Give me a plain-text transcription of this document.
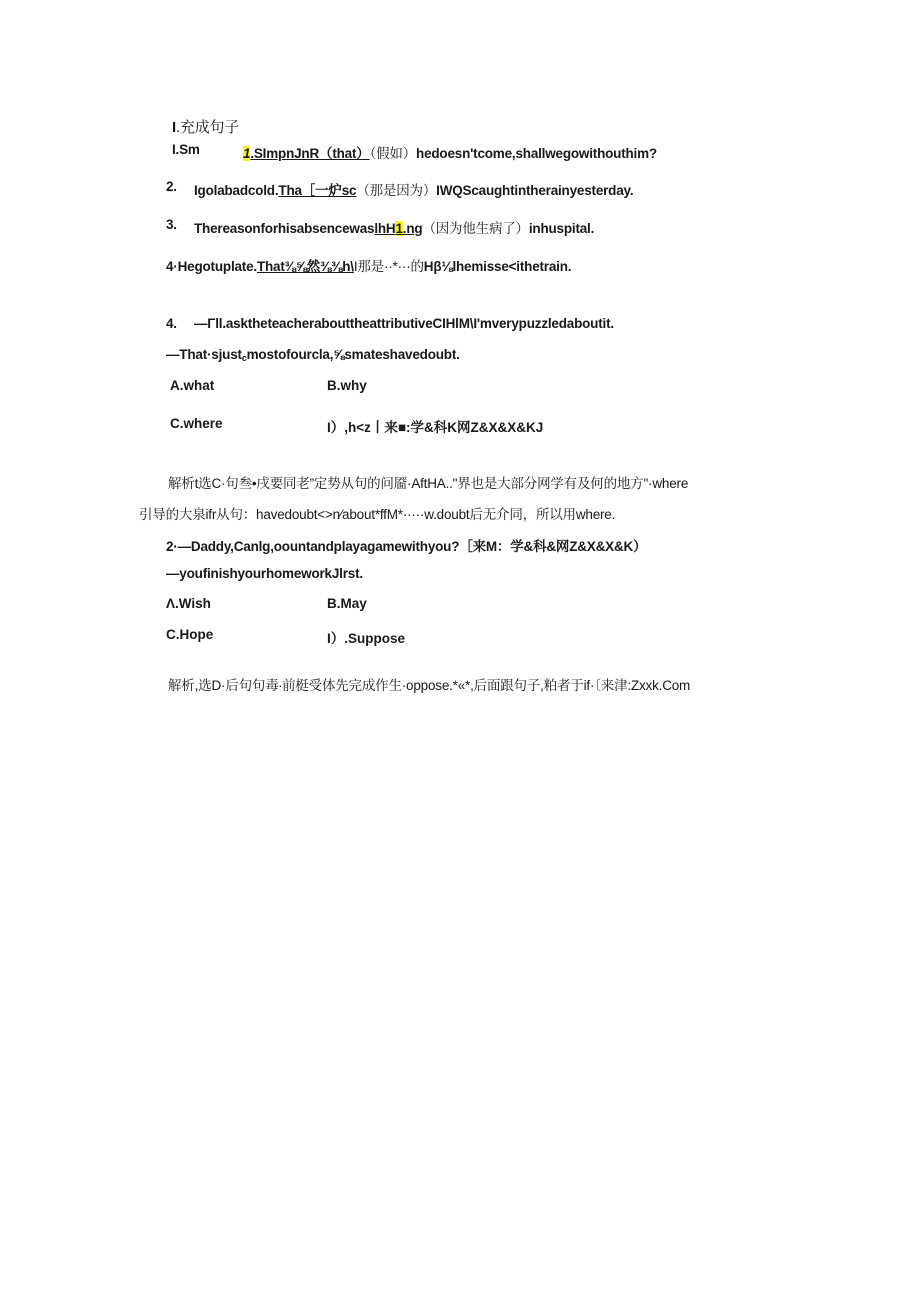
I.充成句子
I.Sm	1.SImpnJnR（that）（假如）hedoesn'tcome,shallwegowithouthim?
2. Igolabadcold.Tha［一炉sc（那是因为）IWQScaughtintherainyesterday.
3. ThereasonforhisabsencewaslhH1.ng（因为他生病了）inhuspital.
4·Hegotuplate.That⅜⅝然⅜⅜h\I那是··*···的Hβ⅛lhemisse<ithetrain.
4. —Γll.asktheteacherabouttheattributiveCIHlM\I'mverypuzzledaboutit.
—That·sjustcmostofourcla,⅝smateshavedoubt.
A.what	B.why
C.where	I）,h<z丨来■:学&科K网Z&X&X&KJ
解析t选C·句叁•戌要同老”定势从句的问靥·AftHA.."界也是大部分网学有及何的地方"·where
引导的大泉ifr从句：havedoubt<>n⁄about*ffM*·····w.doubt后无介同，所以用where.
2·—Daddy,Canlg,oountandplayagamewithyou?［来M：学&科&网Z&X&X&K）
—youfinishyourhomeworkJlrst.
Λ.Wish	B.May
C.Hope	I）.Suppose
解析,选D·后句句毒∙前梃受体先完成作生·oppose.*«*,后面跟句子,粕者于if·〔来津:Zxxk.Com
